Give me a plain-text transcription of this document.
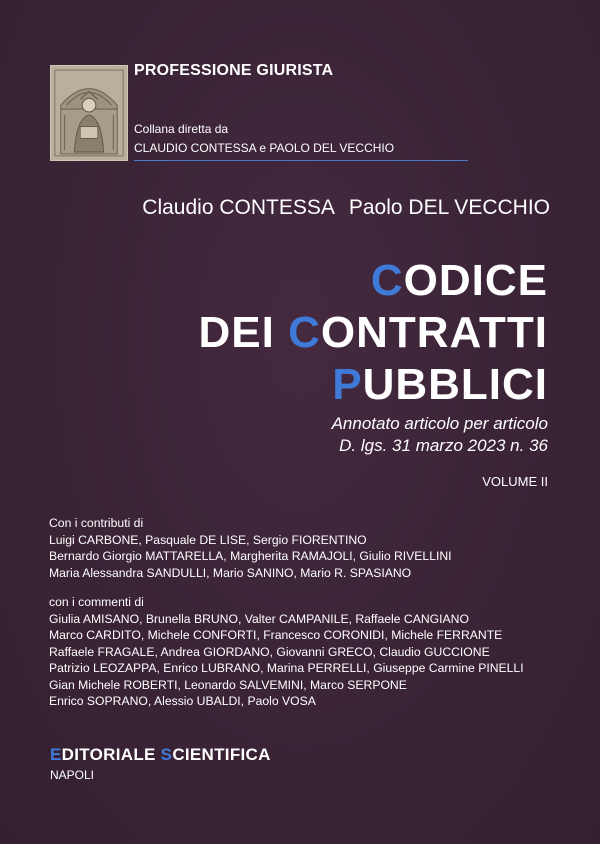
PROFESSIONE GIURISTA
Collana diretta da
CLAUDIO CONTESSA e PAOLO DEL VECCHIO
Claudio CONTESSA Paolo DEL VECCHIO
CODICE
DEI CONTRATTI
PUBBLICI
Annotato articolo per articolo
D. lgs. 31 marzo 2023 n. 36
VOLUME II
Con i contributi di
Luigi CARBONE, Pasquale DE LISE, Sergio FIORENTINO
Bernardo Giorgio MATTARELLA, Margherita RAMAJOLI, Giulio RIVELLINI
Maria Alessandra SANDULLI, Mario SANINO, Mario R. SPASIANO
con i commenti di
Giulia AMISANO, Brunella BRUNO, Valter CAMPANILE, Raffaele CANGIANO
Marco CARDITO, Michele CONFORTI, Francesco CORONIDI, Michele FERRANTE
Raffaele FRAGALE, Andrea GIORDANO, Giovanni GRECO, Claudio GUCCIONE
Patrizio LEOZAPPA, Enrico LUBRANO, Marina PERRELLI, Giuseppe Carmine PINELLI
Gian Michele ROBERTI, Leonardo SALVEMINI, Marco SERPONE
Enrico SOPRANO, Alessio UBALDI, Paolo VOSA
EDITORIALE SCIENTIFICA
NAPOLI
